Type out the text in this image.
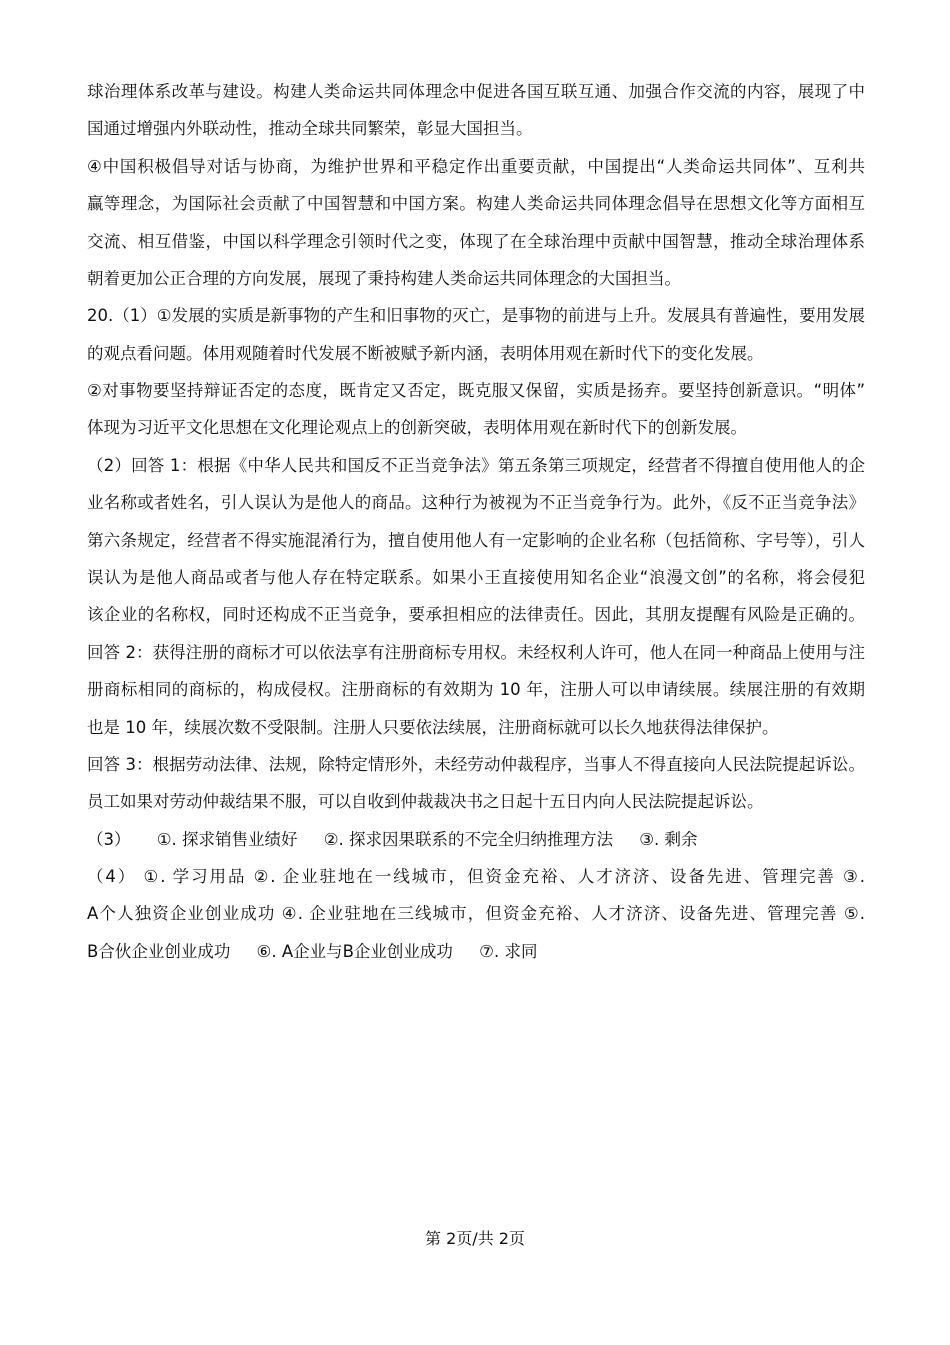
球治理体系改革与建设。构建人类命运共同体理念中促进各国互联互通、加强合作交流的内容，展现了中
国通过增强内外联动性，推动全球共同繁荣，彰显大国担当。
④中国积极倡导对话与协商，为维护世界和平稳定作出重要贡献，中国提出“人类命运共同体”、互利共
赢等理念，为国际社会贡献了中国智慧和中国方案。构建人类命运共同体理念倡导在思想文化等方面相互
交流、相互借鉴，中国以科学理念引领时代之变，体现了在全球治理中贡献中国智慧，推动全球治理体系
朝着更加公正合理的方向发展，展现了秉持构建人类命运共同体理念的大国担当。
20.（1）①发展的实质是新事物的产生和旧事物的灭亡，是事物的前进与上升。发展具有普遍性，要用发展
的观点看问题。体用观随着时代发展不断被赋予新内涵，表明体用观在新时代下的变化发展。
②对事物要坚持辩证否定的态度，既肯定又否定，既克服又保留，实质是扬弃。要坚持创新意识。“明体”
体现为习近平文化思想在文化理论观点上的创新突破，表明体用观在新时代下的创新发展。
（2）回答 1：根据《中华人民共和国反不正当竞争法》第五条第三项规定，经营者不得擅自使用他人的企
业名称或者姓名，引人误认为是他人的商品。这种行为被视为不正当竞争行为。此外，《反不正当竞争法》
第六条规定，经营者不得实施混淆行为，擅自使用他人有一定影响的企业名称（包括简称、字号等），引人
误认为是他人商品或者与他人存在特定联系。如果小王直接使用知名企业“浪漫文创”的名称，将会侵犯
该企业的名称权，同时还构成不正当竞争，要承担相应的法律责任。因此，其朋友提醒有风险是正确的。
回答 2：获得注册的商标才可以依法享有注册商标专用权。未经权利人许可，他人在同一种商品上使用与注
册商标相同的商标的，构成侵权。注册商标的有效期为 10 年，注册人可以申请续展。续展注册的有效期
也是 10 年，续展次数不受限制。注册人只要依法续展，注册商标就可以长久地获得法律保护。
回答 3：根据劳动法律、法规，除特定情形外，未经劳动仲裁程序，当事人不得直接向人民法院提起诉讼。
员工如果对劳动仲裁结果不服，可以自收到仲裁裁决书之日起十五日内向人民法院提起诉讼。
（3）     ①. 探求销售业绩好     ②. 探求因果联系的不完全归纳推理方法     ③. 剩余
（4） ①. 学习用品 ②. 企业驻地在一线城市，但资金充裕、人才济济、设备先进、管理完善 ③.
A个人独资企业创业成功 ④. 企业驻地在三线城市，但资金充裕、人才济济、设备先进、管理完善 ⑤.
B合伙企业创业成功     ⑥. A企业与B企业创业成功     ⑦. 求同
第 2页/共 2页
